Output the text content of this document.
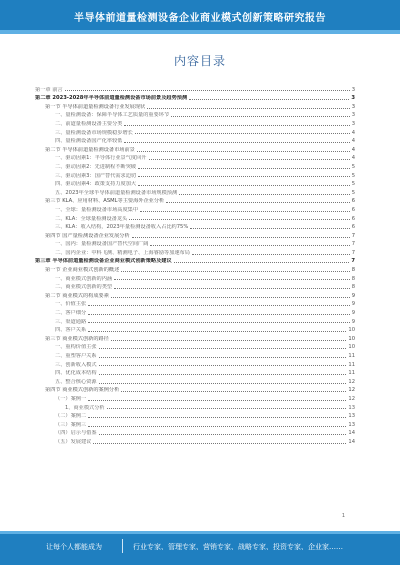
半导体前道量检测设备企业商业模式创新策略研究报告
内容目录
第一章 前言	3
第二章 2023-2028年半导体前道量检测设备市场前景及趋势预测	3
第一节 半导体前道量检测设备行业发展现状	3
一、量检测设备：保障半导体工艺质量的重要环节	3
二、前道量检测设备主要分类	3
三、量检测设备市场规模稳步增长	4
四、量检测设备国产化率较低	4
第二节 半导体前道量检测设备市场前景	4
一、驱动因素1：半导体行业景气度回升	4
二、驱动因素2：先进制程不断突破	5
三、驱动因素3：国产替代需求迫切	5
四、驱动因素4：政策支持力度加大	5
五、2023年全球半导体前道量检测设备市场规模预测	5
第三节 KLA、应用材料、ASML等主要海外企业分析	6
一、全球：量检测设备市场高度集中	6
二、KLA：全球量检测设备龙头	6
三、KLA：收入结构，2023年量检测设备收入占比约75%	6
第四节 国产量检测设备企业发展分析	7
一、国内：量检测设备国产替代空间广阔	7
二、国内企业：中科飞测、精测电子、上海睿励等加速布局	7
第三章 半导体前道量检测设备企业商业模式创新策略及建议	7
第一节 企业商业模式创新的概述	8
一、商业模式创新的内涵	8
二、商业模式创新的类型	8
第二节 商业模式的构成要素	9
一、价值主张	9
二、客户细分	9
三、渠道通路	9
四、客户关系	10
第三节 商业模式创新的路径	10
一、重构价值主张	10
二、重塑客户关系	11
三、创新收入模式	11
四、优化成本结构	11
五、整合核心资源	12
第四节 商业模式创新的案例分析	12
（一）案例一	12
1、商业模式分析	13
（二）案例二	13
（三）案例三	13
（四）启示与借鉴	14
（五）发展建议	14
1
让每个人都能成为	行业专家、管理专家、营销专家、战略专家、投资专家、企业家……
